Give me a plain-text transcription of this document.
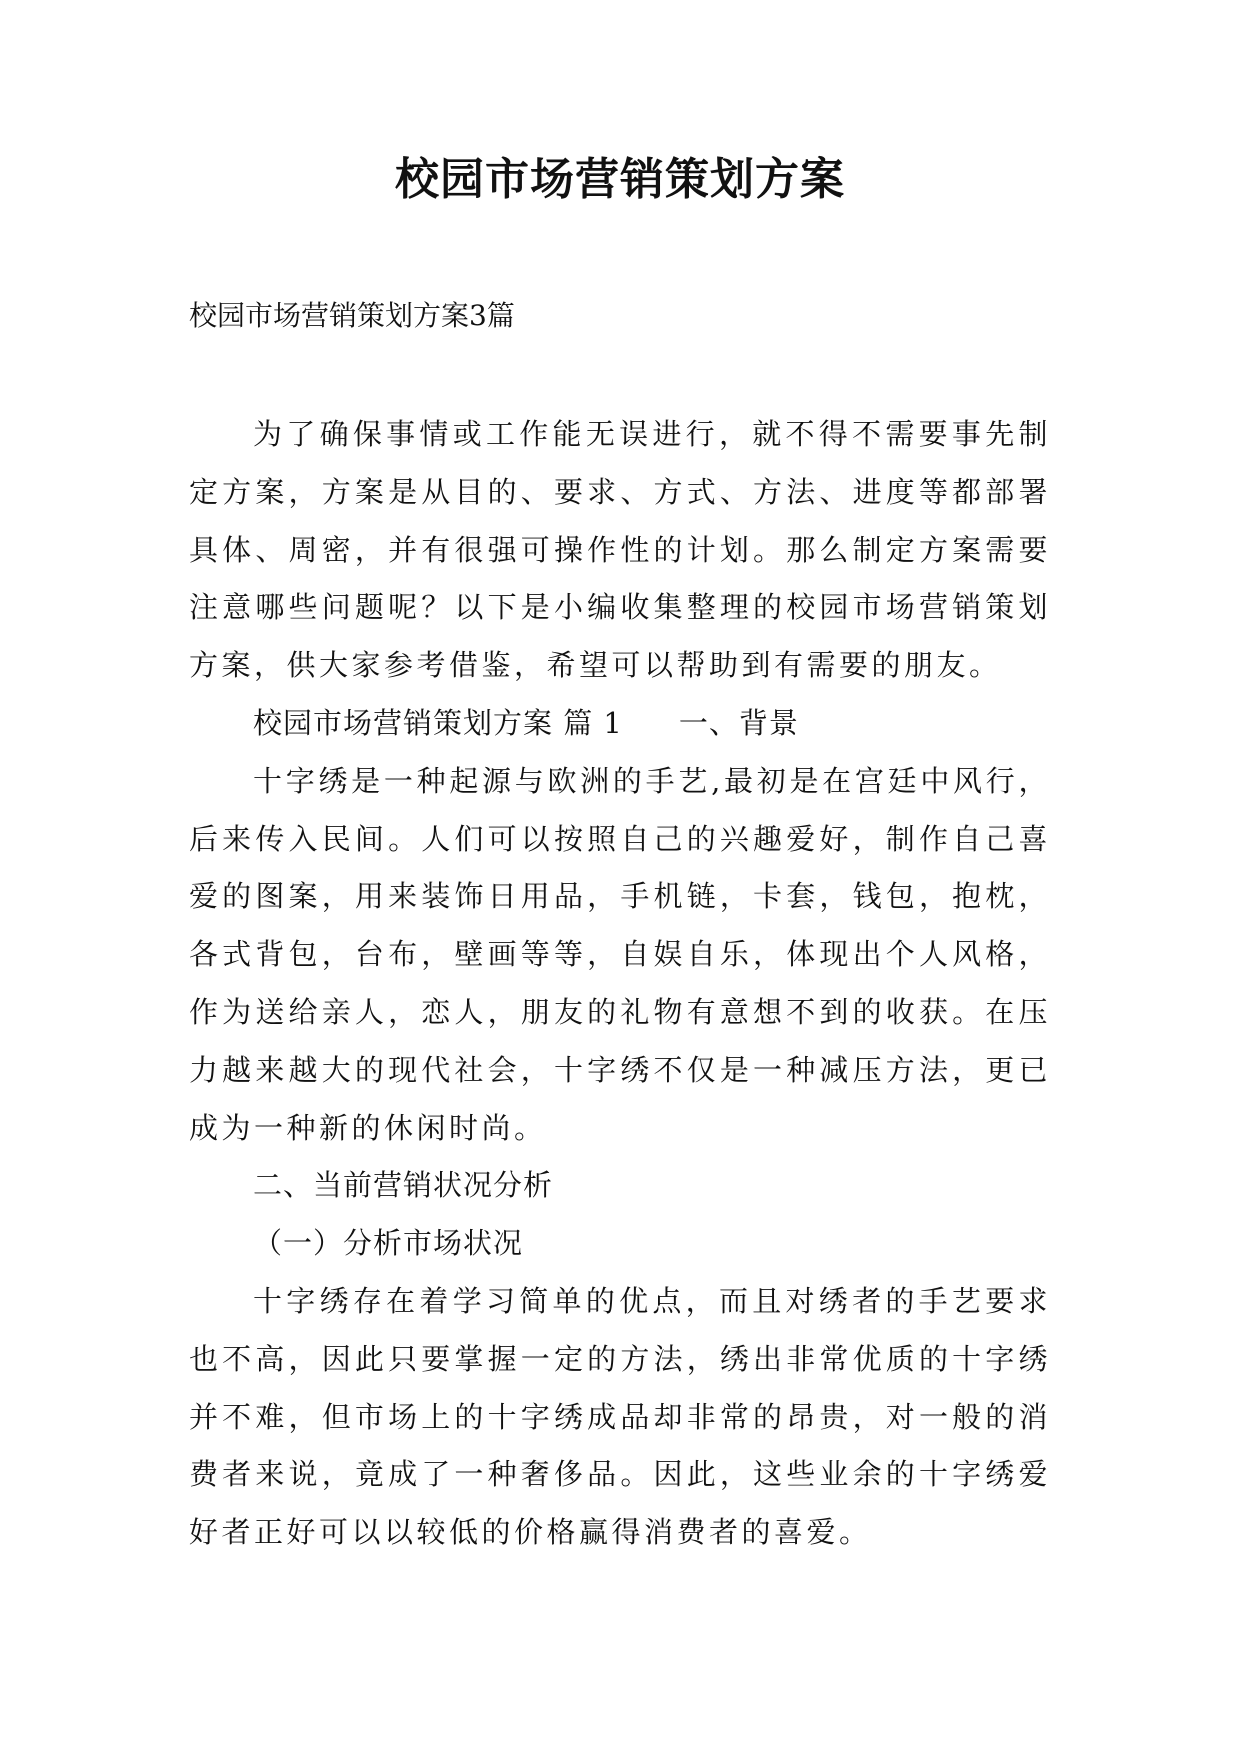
校园市场营销策划方案
校园市场营销策划方案3篇

为了确保事情或工作能无误进行，就不得不需要事先制定方案，方案是从目的、要求、方式、方法、进度等都部署具体、周密，并有很强可操作性的计划。那么制定方案需要注意哪些问题呢？以下是小编收集整理的校园市场营销策划方案，供大家参考借鉴，希望可以帮助到有需要的朋友。

校园市场营销策划方案 篇 1 一、背景

十字绣是一种起源与欧洲的手艺,最初是在宫廷中风行，后来传入民间。人们可以按照自己的兴趣爱好，制作自己喜爱的图案，用来装饰日用品，手机链，卡套，钱包，抱枕，各式背包，台布，壁画等等，自娱自乐，体现出个人风格，作为送给亲人，恋人，朋友的礼物有意想不到的收获。在压力越来越大的现代社会，十字绣不仅是一种减压方法，更已成为一种新的休闲时尚。

二、当前营销状况分析

（一）分析市场状况

十字绣存在着学习简单的优点，而且对绣者的手艺要求也不高，因此只要掌握一定的方法，绣出非常优质的十字绣并不难，但市场上的十字绣成品却非常的昂贵，对一般的消费者来说，竟成了一种奢侈品。因此，这些业余的十字绣爱好者正好可以以较低的价格赢得消费者的喜爱。
